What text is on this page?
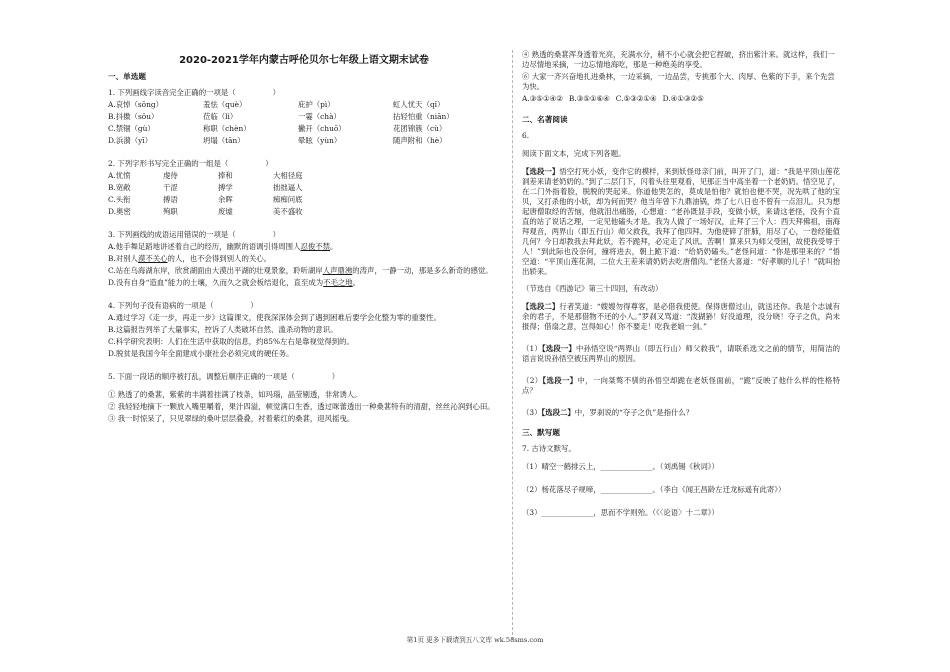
2020-2021学年内蒙古呼伦贝尔七年级上语文期末试卷
一、单选题
1. 下列画线字读音完全正确的一项是（　　　　　）
A.哀悼（sōng）	羞怯（què）	庇护（pì）	虹人忧天（qǐ）
B.抖擞（sǒu）	莅临（lì）	一霎（chà）	拈轻怕重（niān）
C.禁锢（gù）	称职（chèn）	撇开（chuō）	花团锦簇（cù）
D.浜漪（yī）	坍塌（tān）	晕眩（yùn）	随声附和（hè）
2. 下列字形书写完全正确的一组是（　　　　　）
A.忧愤	虔待	捧和	大相径庭
B.宽敞	干涩	搏学	拙拙逼人
C.头衔	搏语	余晖	痴痴问底
D.奥密	殉职	废墟	美不盛收
3. 下列画线的成语运用错误的一项是（　　　　　）
A.他手舞足蹈地讲述着自己的经历，幽默的语调引得周围人忍俊不禁。
B.对别人漠不关心的人，也不会得到别人的关心。
C.站在乌海湖东岸，欣赏湖面由大漠出平湖的壮观景象，聆听湖岸人声鼎沸的涛声，一静一动，那是多么新奇的感觉。
D.没有自身“造血”能力的土壤，久而久之就会板结退化，直至成为不毛之地。
4. 下列句子没有语病的一项是（　　　　　）
A.通过学习《走一步，再走一步》这篇课文，使我深深体会到了遇到困难后要学会化整为零的重要性。
B.这篇报告列举了大量事实，控诉了人类破坏自然、滥杀动物的意识。
C.科学研究表明：人们在生活中获取的信息，约85%左右是靠视觉得到的。
D.脱贫是我国今年全面建成小康社会必须完成的硬任务。
5. 下面一段话的顺序被打乱，调整后顺序正确的一项是（　　　　　）
① 熟透了的桑葚，紫紫的丰满着挂满了枝条，如玛瑙，晶莹剔透，非常诱人。
② 我轻轻地摘下一颗放入嘴里嚼着，果汁四溢，顿觉满口生香，透过咪蕾透出一种桑葚特有的清甜，丝丝沁润到心田。
③ 我一时惊呆了，只见翠绿的桑叶层层叠叠，衬着紫红的桑葚，迎风摇曳。
④ 熟透的桑葚浑身透着光亮，充满水分，稍不小心就会把它捏破，挤出紫汁来。就这样，我们一边尽情地采摘，一边忘情地海吃，那是一种绝美的享受。
⑥ 大家一齐兴奋地扎进桑林，一边采摘，一边品尝，专挑那个大、肉厚、色紫的下手，来个先尝为快。
A.③⑤①④② B.③⑤①⑥④ C.⑤③②①④ D.④①③②⑤
二、名著阅读
6.
阅读下面文本，完成下列各题。
【选段一】悟空打死小妖，变作它的模样，来到妖怪母亲门前，叫开了门，道：“我是平顶山莲花洞差来请老奶奶的。”到了二层门下，闪着头往里观看，见那正当中高坐着一个老奶奶。悟空见了，在二门外指着脸，脱脱的哭起来。你道他哭怎的，莫成是怕他？就怕也便不哭，况先哄了他的宝贝，又打杀他的小妖，却为何而哭？他当年曾下九鼎油锅，炸了七八日也不曾有一点泪儿。只为想起唐僧取经的苦恼，他就泪出痛肠，心想道：“老孙既显手段，变做小妖，来请这老怪，没有个直直的站了说话之理，一定见他磕头才是。我为人做了一场好汉，止拜了三个人：西天拜佛祖，南海拜观音，两界山（即五行山）师父救我，我拜了他四拜。为他使碎了肝肺，用尽了心，一卷经能值几何？今日却教我去拜此妖，若不跪拜，必定走了风讯。苦啊！算来只为师父受困，故使我受辱于人！”到此际也没奈何，撞将进去，朝上跪下道：“给奶奶磕头。”老怪问道：“你是那里来的？”悟空道：“平顶山莲花洞，二位大王差来请奶奶去吃唐僧肉。”老怪大喜道：“好孝顺的儿子！”就叫抬出轿来。
（节选自《西游记》第三十四回，有改动）
【选段二】行者笑道：“嫂嫂勿得尊客，是必借我使使。保得唐僧过山，就送还你。我是个志诚有余的君子，不是那借物不还的小人。”罗刹又骂道：“泼猢狲！好没道理，没分晓！夺子之仇，尚未报得；借扇之意，岂得如心！你不要走！吃我老娘一剑。”
（1）【选段一】中孙悟空说“两界山（即五行山）师父救我”，请联系选文之前的情节，用简洁的语言说说孙悟空被压两界山的原因。
（2）【选段一】中，一向桀骜不驯的孙悟空却跪在老妖怪面前，“跪”反映了他什么样的性格特点？
（3）【选段二】中，罗刹说的“夺子之仇”是指什么？
三、默写题
7. 古诗文默写。
（1）晴空一鹤排云上，______________。（刘禹锡《秋词》）
（2）杨花落尽子规啼，______________。（李白《闻王昌龄左迁龙标遥有此寄》）
（3）______________，思而不学则殆。（《〈论语〉十二章》）
第1页 更多下载请到五八文库 wk.58sms.com
